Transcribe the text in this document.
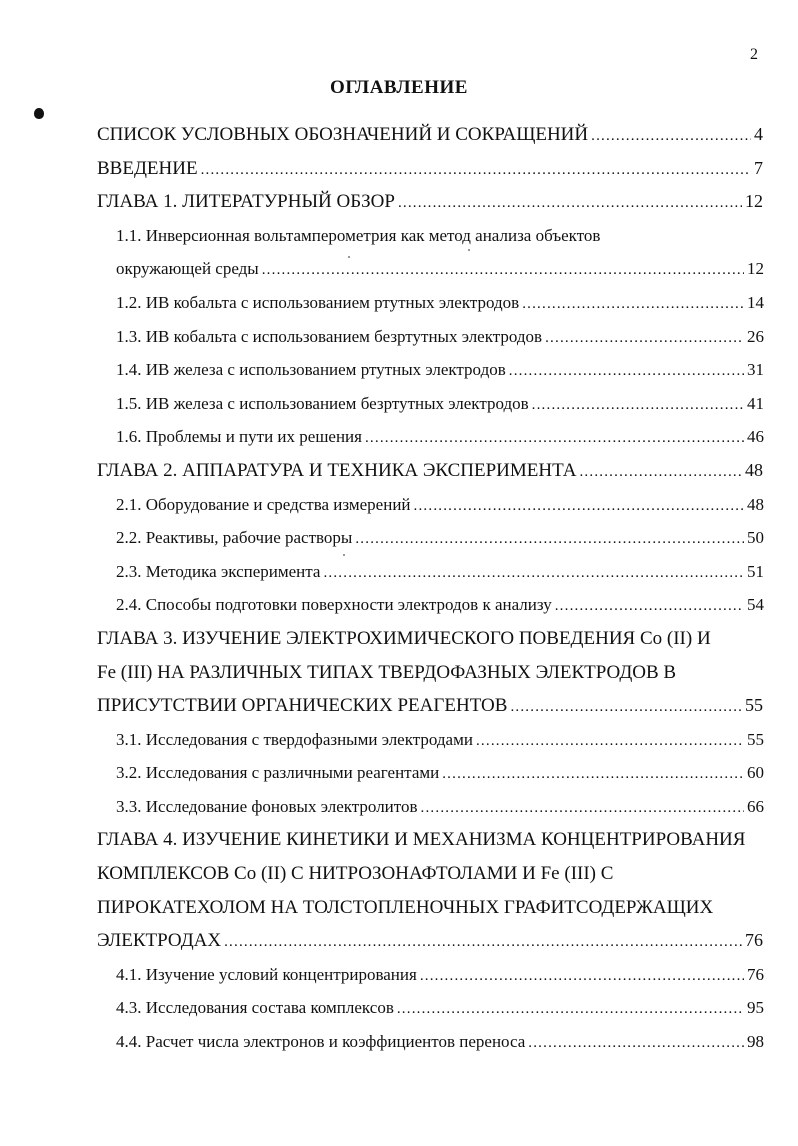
2
ОГЛАВЛЕНИЕ
СПИСОК УСЛОВНЫХ ОБОЗНАЧЕНИЙ И СОКРАЩЕНИЙ .....	4
ВВЕДЕНИЕ .....	7
ГЛАВА 1. ЛИТЕРАТУРНЫЙ ОБЗОР .....	12
1.1. Инверсионная вольтамперометрия как метод анализа объектов
окружающей среды .....	12
1.2. ИВ кобальта с использованием ртутных электродов .....	14
1.3. ИВ кобальта с использованием безртутных электродов .....	26
1.4. ИВ железа с использованием ртутных электродов .....	31
1.5. ИВ железа с использованием безртутных электродов .....	41
1.6. Проблемы и пути их решения .....	46
ГЛАВА 2. АППАРАТУРА И ТЕХНИКА ЭКСПЕРИМЕНТА .....	48
2.1. Оборудование и средства измерений .....	48
2.2. Реактивы, рабочие растворы .....	50
2.3. Методика эксперимента .....	51
2.4. Способы подготовки поверхности электродов к анализу .....	54
ГЛАВА 3. ИЗУЧЕНИЕ ЭЛЕКТРОХИМИЧЕСКОГО ПОВЕДЕНИЯ Co (II) И
Fe (III) НА РАЗЛИЧНЫХ ТИПАХ ТВЕРДОФАЗНЫХ ЭЛЕКТРОДОВ В
ПРИСУТСТВИИ ОРГАНИЧЕСКИХ РЕАГЕНТОВ .....	55
3.1. Исследования с твердофазными электродами .....	55
3.2. Исследования с различными реагентами .....	60
3.3. Исследование фоновых электролитов .....	66
ГЛАВА 4. ИЗУЧЕНИЕ КИНЕТИКИ И МЕХАНИЗМА КОНЦЕНТРИРОВАНИЯ
КОМПЛЕКСОВ Co (II) С НИТРОЗОНАФТОЛАМИ И Fe (III) С
ПИРОКАТЕХОЛОМ НА ТОЛСТОПЛЕНОЧНЫХ ГРАФИТСОДЕРЖАЩИХ
ЭЛЕКТРОДАХ .....	76
4.1. Изучение условий концентрирования .....	76
4.3. Исследования состава комплексов .....	95
4.4. Расчет числа электронов и коэффициентов переноса .....	98
